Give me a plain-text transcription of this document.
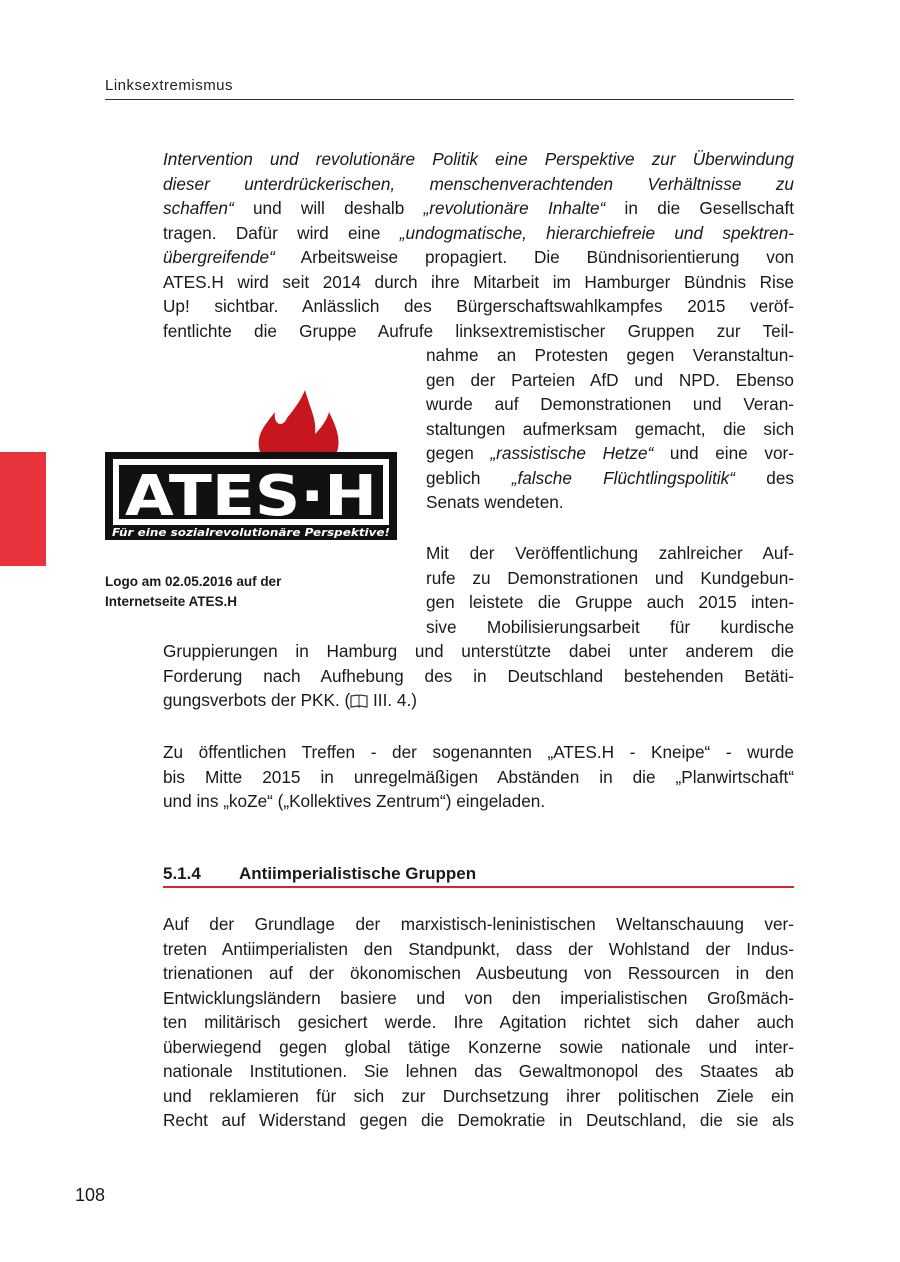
Linksextremismus
Intervention und revolutionäre Politik eine Perspektive zur Überwindung
dieser unterdrückerischen, menschenverachtenden Verhältnisse zu
schaffen“ und will deshalb „revolutionäre Inhalte“ in die Gesellschaft
tragen. Dafür wird eine „undogmatische, hierarchiefreie und spektren-
übergreifende“ Arbeitsweise propagiert. Die Bündnisorientierung von
ATES.H wird seit 2014 durch ihre Mitarbeit im Hamburger Bündnis Rise
Up! sichtbar. Anlässlich des Bürgerschaftswahlkampfes 2015 veröf-
fentlichte die Gruppe Aufrufe linksextremistischer Gruppen zur Teil-
nahme an Protesten gegen Veranstaltun-
gen der Parteien AfD und NPD. Ebenso
wurde auf Demonstrationen und Veran-
staltungen aufmerksam gemacht, die sich
gegen „rassistische Hetze“ und eine vor-
geblich „falsche Flüchtlingspolitik“ des
Senats wendeten.
ATES·H
Für eine sozialrevolutionäre Perspektive!
Logo am 02.05.2016 auf der
Internetseite ATES.H
Mit der Veröffentlichung zahlreicher Auf-
rufe zu Demonstrationen und Kundgebun-
gen leistete die Gruppe auch 2015 inten-
sive Mobilisierungsarbeit für kurdische
Gruppierungen in Hamburg und unterstützte dabei unter anderem die
Forderung nach Aufhebung des in Deutschland bestehenden Betäti-
gungsverbots der PKK. ( III. 4.)
Zu öffentlichen Treffen - der sogenannten „ATES.H - Kneipe“ - wurde
bis Mitte 2015 in unregelmäßigen Abständen in die „Planwirtschaft“
und ins „koZe“ („Kollektives Zentrum“) eingeladen.
5.1.4 Antiimperialistische Gruppen
Auf der Grundlage der marxistisch-leninistischen Weltanschauung ver-
treten Antiimperialisten den Standpunkt, dass der Wohlstand der Indus-
trienationen auf der ökonomischen Ausbeutung von Ressourcen in den
Entwicklungsländern basiere und von den imperialistischen Großmäch-
ten militärisch gesichert werde. Ihre Agitation richtet sich daher auch
überwiegend gegen global tätige Konzerne sowie nationale und inter-
nationale Institutionen. Sie lehnen das Gewaltmonopol des Staates ab
und reklamieren für sich zur Durchsetzung ihrer politischen Ziele ein
Recht auf Widerstand gegen die Demokratie in Deutschland, die sie als
108
